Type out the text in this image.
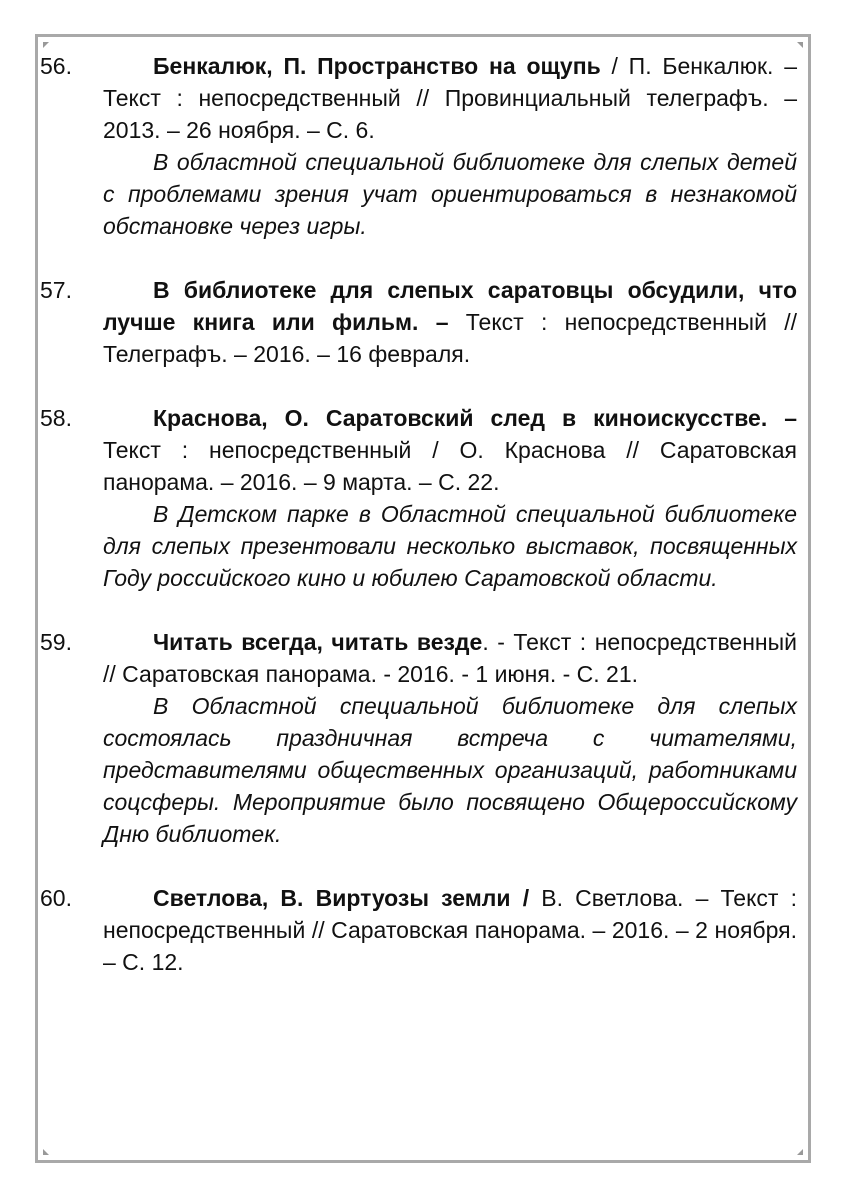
56.	Бенкалюк, П. Пространство на ощупь / П. Бенкалюк. – Текст : непосредственный // Провинциальный телеграфъ. – 2013. – 26 ноября. – С. 6.

В областной специальной библиотеке для слепых детей с проблемами зрения учат ориентироваться в незнакомой обстановке через игры.

57.	В библиотеке для слепых саратовцы обсудили, что лучше книга или фильм. – Текст : непосредственный // Телеграфъ. – 2016. – 16 февраля.

58.	Краснова, О. Саратовский след в киноискусстве. – Текст : непосредственный / О. Краснова // Саратовская панорама. – 2016. – 9 марта. – С. 22.

В Детском парке в Областной специальной библиотеке для слепых презентовали несколько выставок, посвященных Году российского кино и юбилею Саратовской области.

59.	Читать всегда, читать везде. - Текст : непосредственный // Саратовская панорама. - 2016. - 1 июня. - С. 21.

В Областной специальной библиотеке для слепых состоялась праздничная встреча с читателями, представителями общественных организаций, работниками соцсферы. Мероприятие было посвящено Общероссийскому Дню библиотек.

60.	Светлова, В. Виртуозы земли / В. Светлова. – Текст : непосредственный // Саратовская панорама. – 2016. – 2 ноября. – С. 12.
